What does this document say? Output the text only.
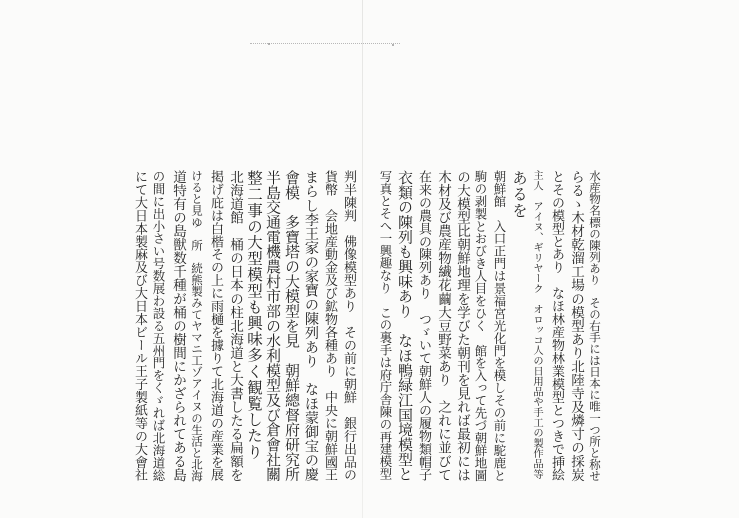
水産物名標の陳列あり　その右手には日本に唯一つ所と称せ
らるゝ木材乾溜工場の模型あり北陸寺及燐寸の採炭
とその模型とあり　なほ林産物林業模型とつきで挿絵
主人　アイヌ、ギリヤーク　オロッコ人の日用品や手工の製作品等
あるを
朝鮮館　入口正門は景福宮光化門を模しその前に駝鹿と
駒の剥製とおびき人目をひく　館を入って先づ朝鮮地圖
の大模型比朝鮮地理を学びた朝刊を見れば最初には
木材及び農産物繊花繭大豆野菜あり　之れに並びて
在来の農具の陳列あり　つゞいて朝鮮人の履物類帽子
衣類の陳列も興味あり　なほ鴨緑江国境模型と
写真とそへ一興趣なり　この裏手は府庁舎陳の再建模型
判半陳判　佛像模型あり　その前に朝鮮　銀行出品の
貨幣　会地産動金及び鉱物各種あり　中央に朝鮮國王
まらし李王家の家寶の陳列あり　なほ蒙御宝の慶
會模　多寶塔の大模型を見　朝鮮總督府研究所
半島交通電機農村市部の水利模型及び倉會社關
整二事の大型模型も興味多く観覧したり
北海道館　桶の日本の柱北海道と大書したる扁額を
掲げ庇は白楷その上に雨樋を據りて北海道の産業を展
けると見ゆ　所　続熊製みてヤマニ工ゾアイヌの生活と北海
道特有の島獣数千種が桶の樹間にかざられてある島
の間に出小さい号数展わ設る五州門をくゞれば北海道総
にて大日本製麻及び大日本ビール王子製紙等の大會社
